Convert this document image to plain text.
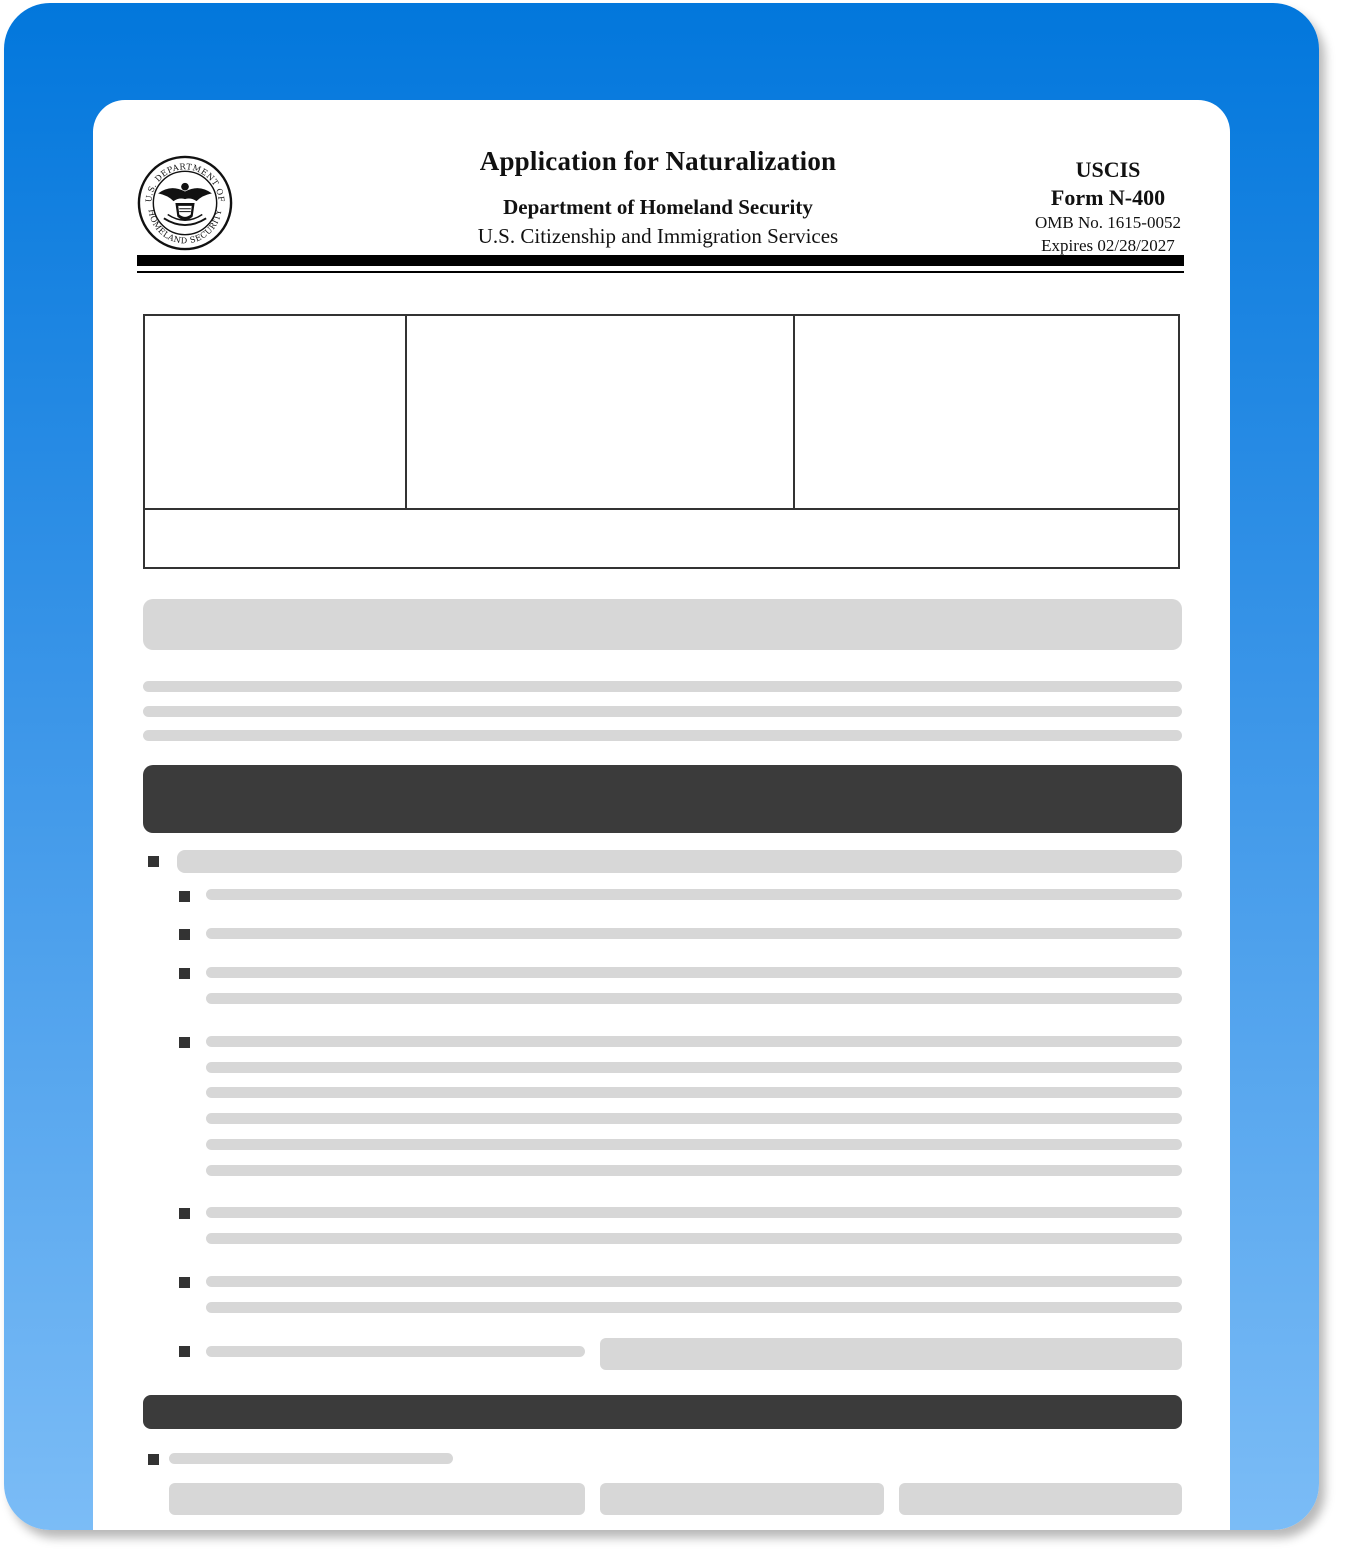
U.S. DEPARTMENT OF
HOMELAND SECURITY
Application for Naturalization
Department of Homeland Security
U.S. Citizenship and Immigration Services
USCIS
Form N-400
OMB No. 1615-0052
Expires 02/28/2027
